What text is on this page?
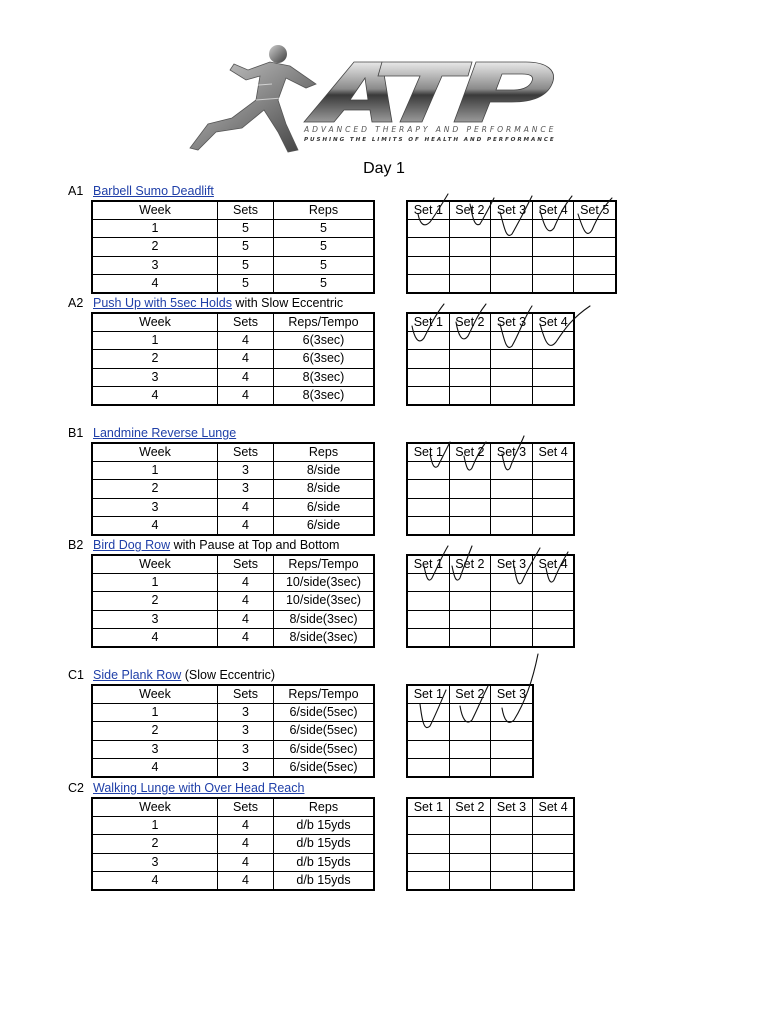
ADVANCED THERAPY AND PERFORMANCE
PUSHING THE LIMITS OF HEALTH AND PERFORMANCE
Day 1
A1 Barbell Sumo Deadlift
A2 Push Up with 5sec Holds with Slow Eccentric
B1 Landmine Reverse Lunge
B2 Bird Dog Row with Pause at Top and Bottom
C1 Side Plank Row (Slow Eccentric)
C2 Walking Lunge with Over Head Reach
Week	Sets	Reps
1	5	5
2	5	5
3	5	5
4	5	5
Week	Sets	Reps/Tempo
1	4	6(3sec)
2	4	6(3sec)
3	4	8(3sec)
4	4	8(3sec)
Week	Sets	Reps
1	3	8/side
2	3	8/side
3	4	6/side
4	4	6/side
Week	Sets	Reps/Tempo
1	4	10/side(3sec)
2	4	10/side(3sec)
3	4	8/side(3sec)
4	4	8/side(3sec)
Week	Sets	Reps/Tempo
1	3	6/side(5sec)
2	3	6/side(5sec)
3	3	6/side(5sec)
4	3	6/side(5sec)
Week	Sets	Reps
1	4	d/b 15yds
2	4	d/b 15yds
3	4	d/b 15yds
4	4	d/b 15yds
Set 1	Set 2	Set 3	Set 4	Set 5

Set 1	Set 2	Set 3	Set 4

Set 1	Set 2	Set 3	Set 4

Set 1	Set 2	Set 3	Set 4

Set 1	Set 2	Set 3

Set 1	Set 2	Set 3	Set 4
